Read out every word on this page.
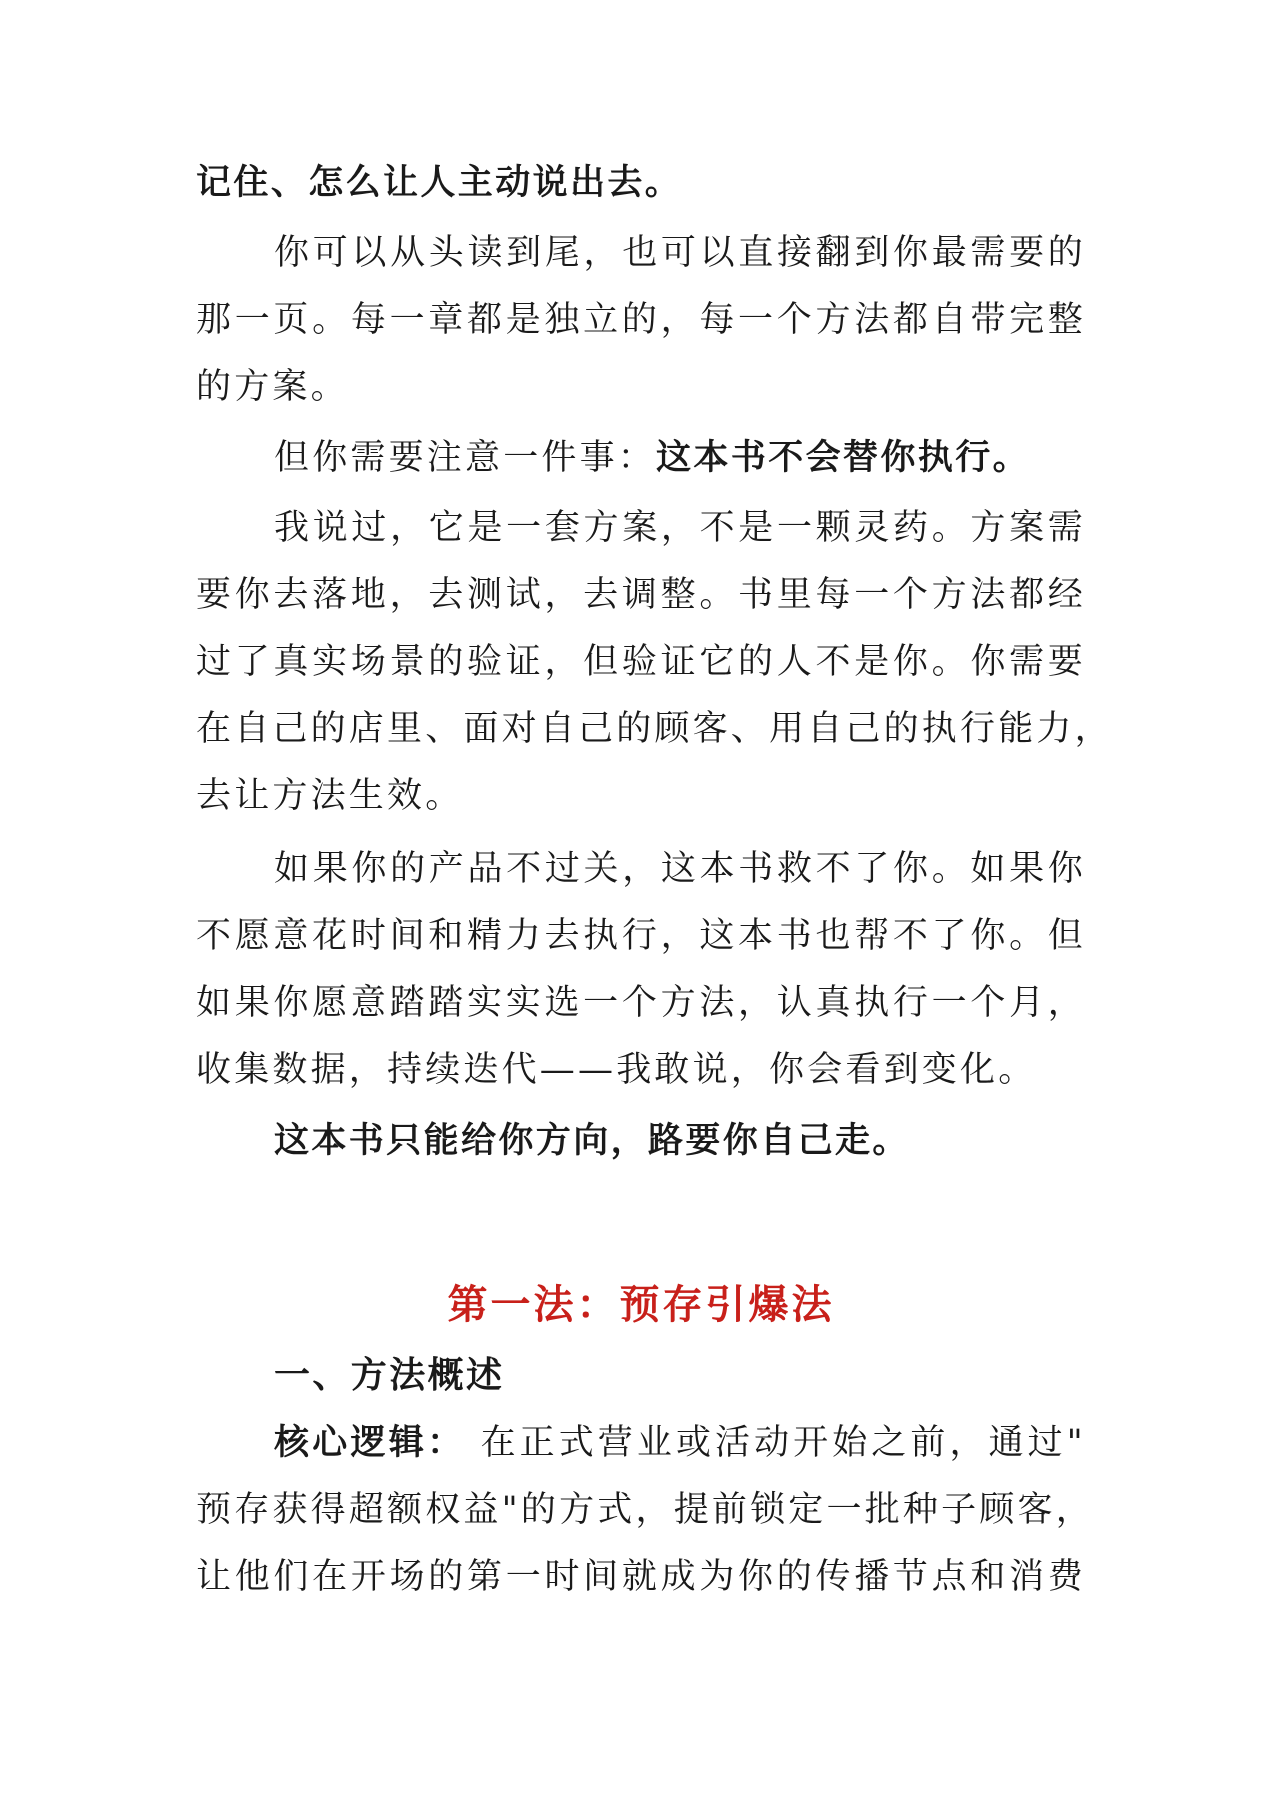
记住、怎么让人主动说出去。
你可以从头读到尾，也可以直接翻到你最需要的
那一页。每一章都是独立的，每一个方法都自带完整
的方案。
但你需要注意一件事：这本书不会替你执行。
我说过，它是一套方案，不是一颗灵药。方案需
要你去落地，去测试，去调整。书里每一个方法都经
过了真实场景的验证，但验证它的人不是你。你需要
在自己的店里、面对自己的顾客、用自己的执行能力，
去让方法生效。
如果你的产品不过关，这本书救不了你。如果你
不愿意花时间和精力去执行，这本书也帮不了你。但
如果你愿意踏踏实实选一个方法，认真执行一个月，
收集数据，持续迭代——我敢说，你会看到变化。
这本书只能给你方向，路要你自己走。
第一法：预存引爆法
一、方法概述
核心逻辑： 在正式营业或活动开始之前，通过"
预存获得超额权益"的方式，提前锁定一批种子顾客，
让他们在开场的第一时间就成为你的传播节点和消费
